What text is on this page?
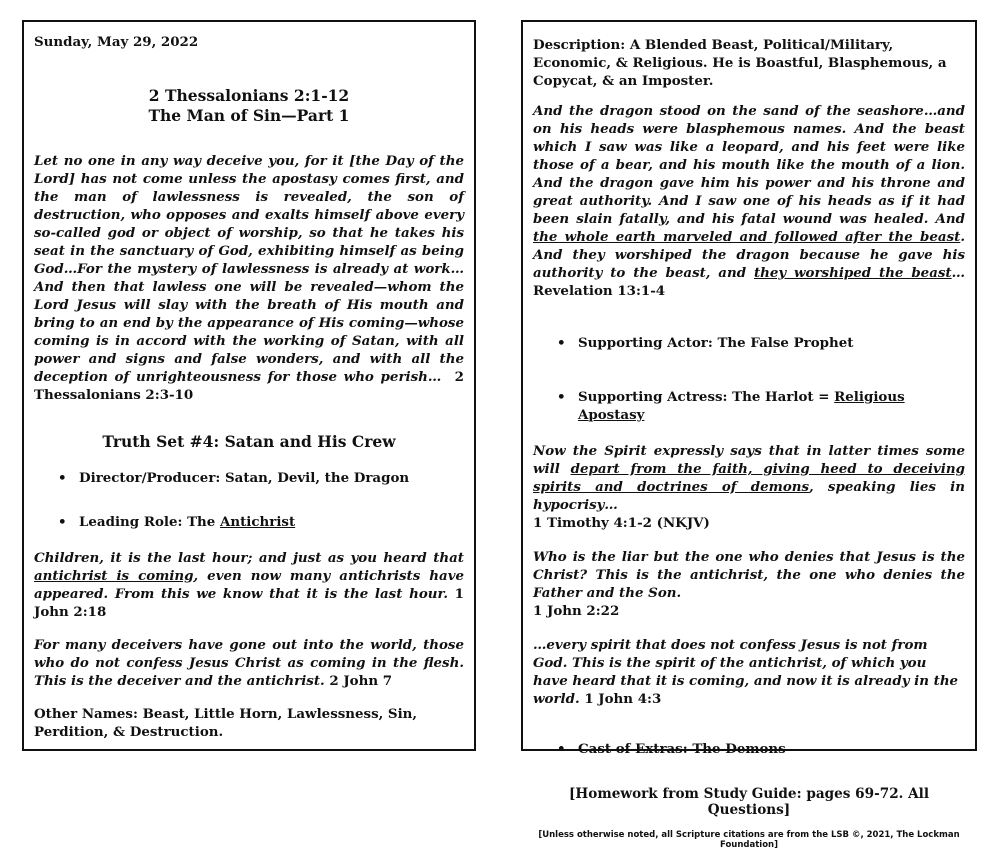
Sunday, May 29, 2022

2 Thessalonians 2:1-12
The Man of Sin—Part 1

Let no one in any way deceive you, for it [the Day of the Lord] has not come unless the apostasy comes first, and the man of lawlessness is revealed, the son of destruction, who opposes and exalts himself above every so-called god or object of worship, so that he takes his seat in the sanctuary of God, exhibiting himself as being God…For the mystery of lawlessness is already at work… And then that lawless one will be revealed—whom the Lord Jesus will slay with the breath of His mouth and bring to an end by the appearance of His coming—whose coming is in accord with the working of Satan, with all power and signs and false wonders, and with all the deception of unrighteousness for those who perish… 2 Thessalonians 2:3-10

Truth Set #4: Satan and His Crew

• Director/Producer: Satan, Devil, the Dragon
• Leading Role: The Antichrist

Children, it is the last hour; and just as you heard that antichrist is coming, even now many antichrists have appeared. From this we know that it is the last hour. 1 John 2:18

For many deceivers have gone out into the world, those who do not confess Jesus Christ as coming in the flesh. This is the deceiver and the antichrist. 2 John 7

Other Names: Beast, Little Horn, Lawlessness, Sin, Perdition, & Destruction.

Description: A Blended Beast, Political/Military, Economic, & Religious. He is Boastful, Blasphemous, a Copycat, & an Imposter.

And the dragon stood on the sand of the seashore…and on his heads were blasphemous names. And the beast which I saw was like a leopard, and his feet were like those of a bear, and his mouth like the mouth of a lion. And the dragon gave him his power and his throne and great authority. And I saw one of his heads as if it had been slain fatally, and his fatal wound was healed. And the whole earth marveled and followed after the beast. And they worshiped the dragon because he gave his authority to the beast, and they worshiped the beast… Revelation 13:1-4

• Supporting Actor: The False Prophet
• Supporting Actress: The Harlot = Religious Apostasy

Now the Spirit expressly says that in latter times some will depart from the faith, giving heed to deceiving spirits and doctrines of demons, speaking lies in hypocrisy…
1 Timothy 4:1-2 (NKJV)

Who is the liar but the one who denies that Jesus is the Christ? This is the antichrist, the one who denies the Father and the Son.
1 John 2:22

…every spirit that does not confess Jesus is not from God. This is the spirit of the antichrist, of which you have heard that it is coming, and now it is already in the world. 1 John 4:3

• Cast of Extras: The Demons

[Homework from Study Guide: pages 69-72. All Questions]

[Unless otherwise noted, all Scripture citations are from the LSB ©, 2021, The Lockman Foundation]
